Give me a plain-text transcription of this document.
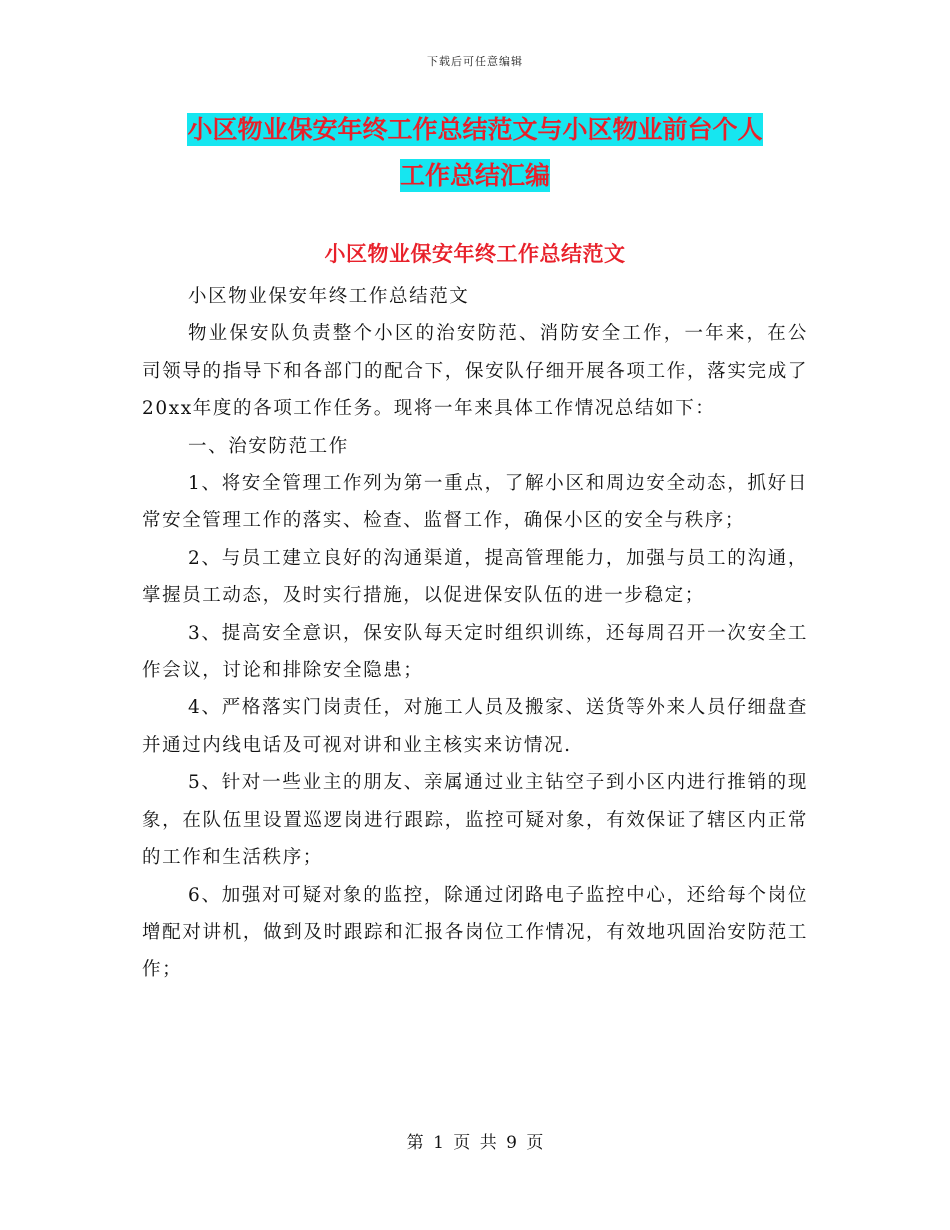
下载后可任意编辑
小区物业保安年终工作总结范文与小区物业前台个人
工作总结汇编
小区物业保安年终工作总结范文

小区物业保安年终工作总结范文

物业保安队负责整个小区的治安防范、消防安全工作，一年来，在公司领导的指导下和各部门的配合下，保安队仔细开展各项工作，落实完成了20xx年度的各项工作任务。现将一年来具体工作情况总结如下：

一、治安防范工作

1、将安全管理工作列为第一重点，了解小区和周边安全动态，抓好日常安全管理工作的落实、检查、监督工作，确保小区的安全与秩序；

2、与员工建立良好的沟通渠道，提高管理能力，加强与员工的沟通，掌握员工动态，及时实行措施，以促进保安队伍的进一步稳定；

3、提高安全意识，保安队每天定时组织训练，还每周召开一次安全工作会议，讨论和排除安全隐患；

4、严格落实门岗责任，对施工人员及搬家、送货等外来人员仔细盘查并通过内线电话及可视对讲和业主核实来访情况.

5、针对一些业主的朋友、亲属通过业主钻空子到小区内进行推销的现象，在队伍里设置巡逻岗进行跟踪，监控可疑对象，有效保证了辖区内正常的工作和生活秩序；

6、加强对可疑对象的监控，除通过闭路电子监控中心，还给每个岗位增配对讲机，做到及时跟踪和汇报各岗位工作情况，有效地巩固治安防范工作；

第 1 页 共 9 页
